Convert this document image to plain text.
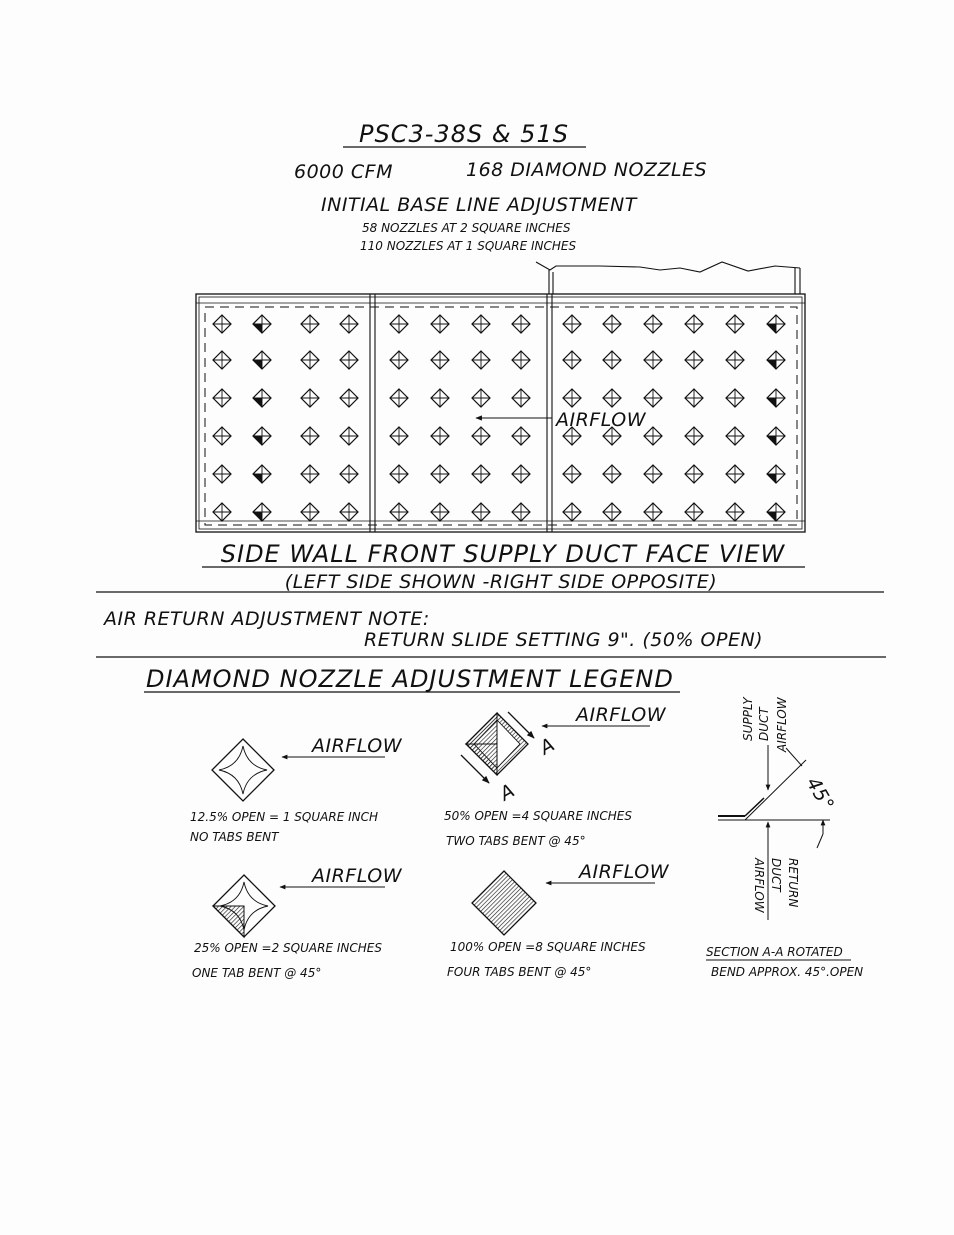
PSC3-38S & 51S
6000 CFM	168 DIAMOND NOZZLES
INITIAL BASE LINE ADJUSTMENT
58 NOZZLES AT 2 SQUARE INCHES
110 NOZZLES AT 1 SQUARE INCHES
AIRFLOW
SIDE WALL FRONT SUPPLY DUCT FACE VIEW
(LEFT SIDE SHOWN -RIGHT SIDE OPPOSITE)
AIR RETURN ADJUSTMENT NOTE:
RETURN SLIDE SETTING 9". (50% OPEN)
DIAMOND NOZZLE ADJUSTMENT LEGEND
AIRFLOW
12.5% OPEN = 1 SQUARE INCH
NO TABS BENT
AIRFLOW
A
A
50% OPEN =4 SQUARE INCHES
TWO TABS BENT @ 45°
AIRFLOW
25% OPEN =2 SQUARE INCHES
ONE TAB BENT @ 45°
AIRFLOW
100% OPEN =8 SQUARE INCHES
FOUR TABS BENT @ 45°
SUPPLY DUCT AIRFLOW
45°
RETURN
DUCT
AIRFLOW
SECTION A-A ROTATED
BEND APPROX. 45°.OPEN
